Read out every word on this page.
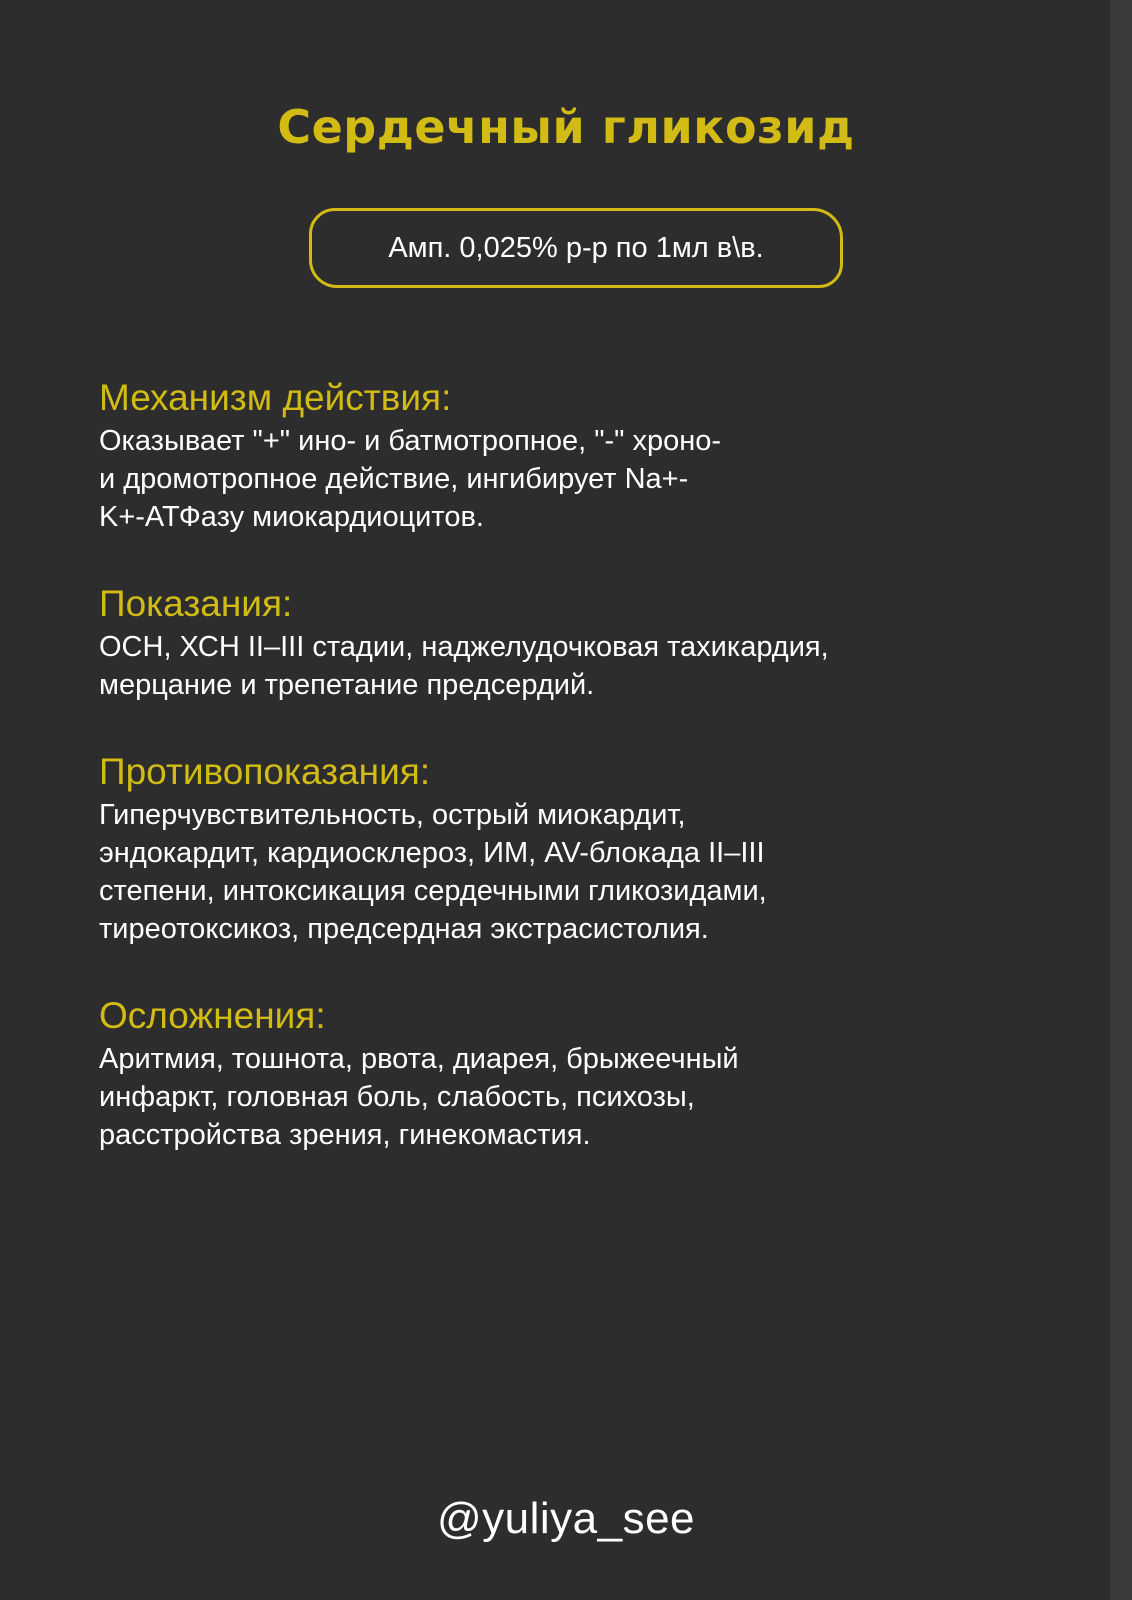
Сердечный гликозид
Амп. 0,025% р-р по 1мл в\в.
Механизм действия:

Оказывает "+" ино- и батмотропное, "-" хроно-

и дромотропное действие, ингибирует Na+-

K+-АТФазу миокардиоцитов.

Показания:

ОСН, ХСН II–III стадии, наджелудочковая тахикардия,

мерцание и трепетание предсердий.

Противопоказания:

Гиперчувствительность, острый миокардит,

эндокардит, кардиосклероз, ИМ, AV-блокада II–III

степени, интоксикация сердечными гликозидами,

тиреотоксикоз, предсердная экстрасистолия.

Осложнения:

Аритмия, тошнота, рвота, диарея, брыжеечный

инфаркт, головная боль, слабость, психозы,

расстройства зрения, гинекомастия.

@yuliya_see
